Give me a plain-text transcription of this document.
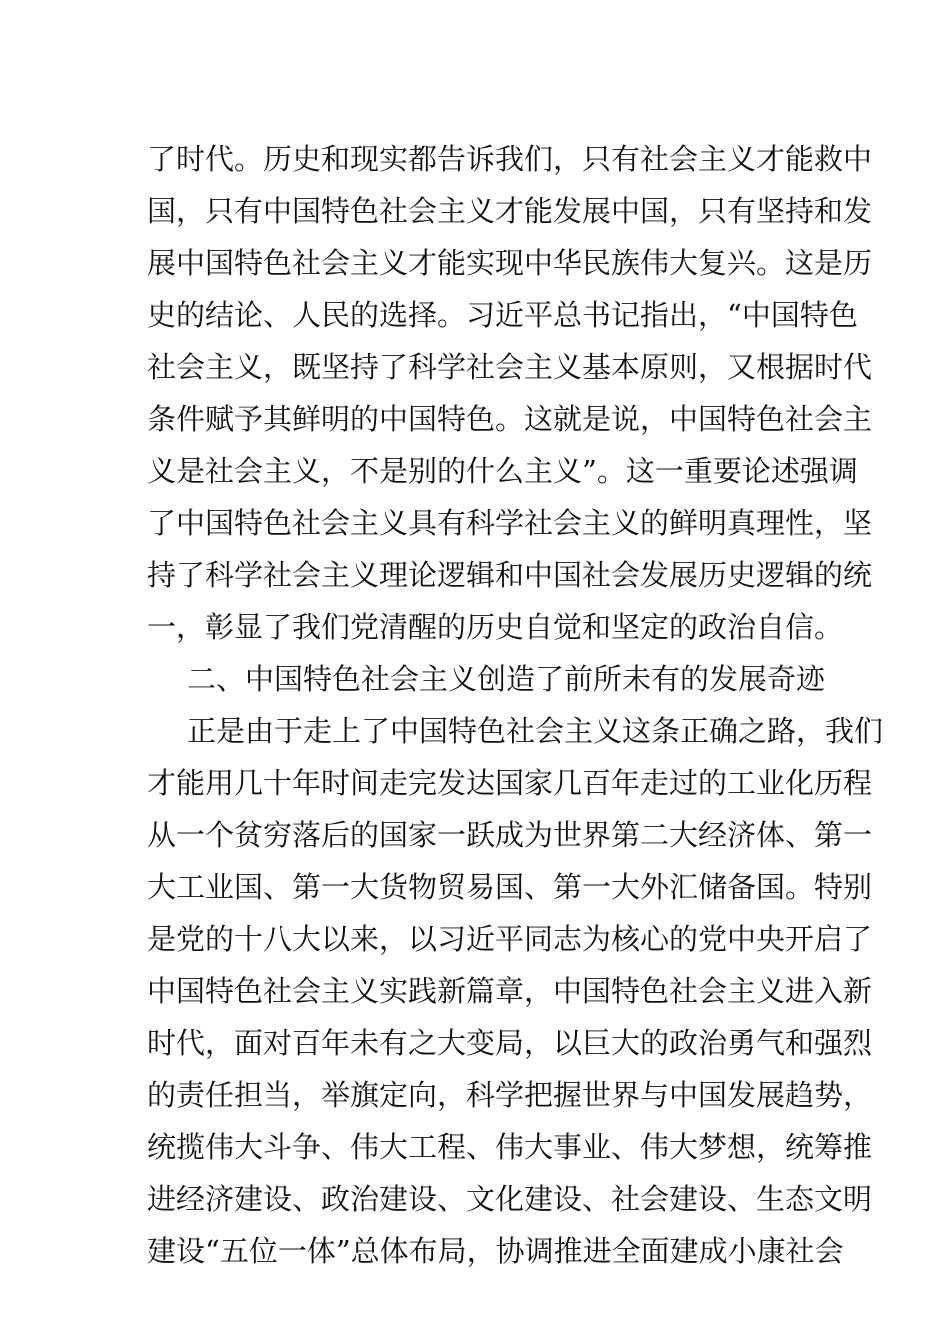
了时代。历史和现实都告诉我们，只有社会主义才能救中
国，只有中国特色社会主义才能发展中国，只有坚持和发
展中国特色社会主义才能实现中华民族伟大复兴。这是历
史的结论、人民的选择。习近平总书记指出，“中国特色
社会主义，既坚持了科学社会主义基本原则，又根据时代
条件赋予其鲜明的中国特色。这就是说，中国特色社会主
义是社会主义，不是别的什么主义”。这一重要论述强调
了中国特色社会主义具有科学社会主义的鲜明真理性，坚
持了科学社会主义理论逻辑和中国社会发展历史逻辑的统
一，彰显了我们党清醒的历史自觉和坚定的政治自信。
二、中国特色社会主义创造了前所未有的发展奇迹
正是由于走上了中国特色社会主义这条正确之路，我们
才能用几十年时间走完发达国家几百年走过的工业化历程
从一个贫穷落后的国家一跃成为世界第二大经济体、第一
大工业国、第一大货物贸易国、第一大外汇储备国。特别
是党的十八大以来，以习近平同志为核心的党中央开启了
中国特色社会主义实践新篇章，中国特色社会主义进入新
时代，面对百年未有之大变局，以巨大的政治勇气和强烈
的责任担当，举旗定向，科学把握世界与中国发展趋势，
统揽伟大斗争、伟大工程、伟大事业、伟大梦想，统筹推
进经济建设、政治建设、文化建设、社会建设、生态文明
建设“五位一体”总体布局，协调推进全面建成小康社会
